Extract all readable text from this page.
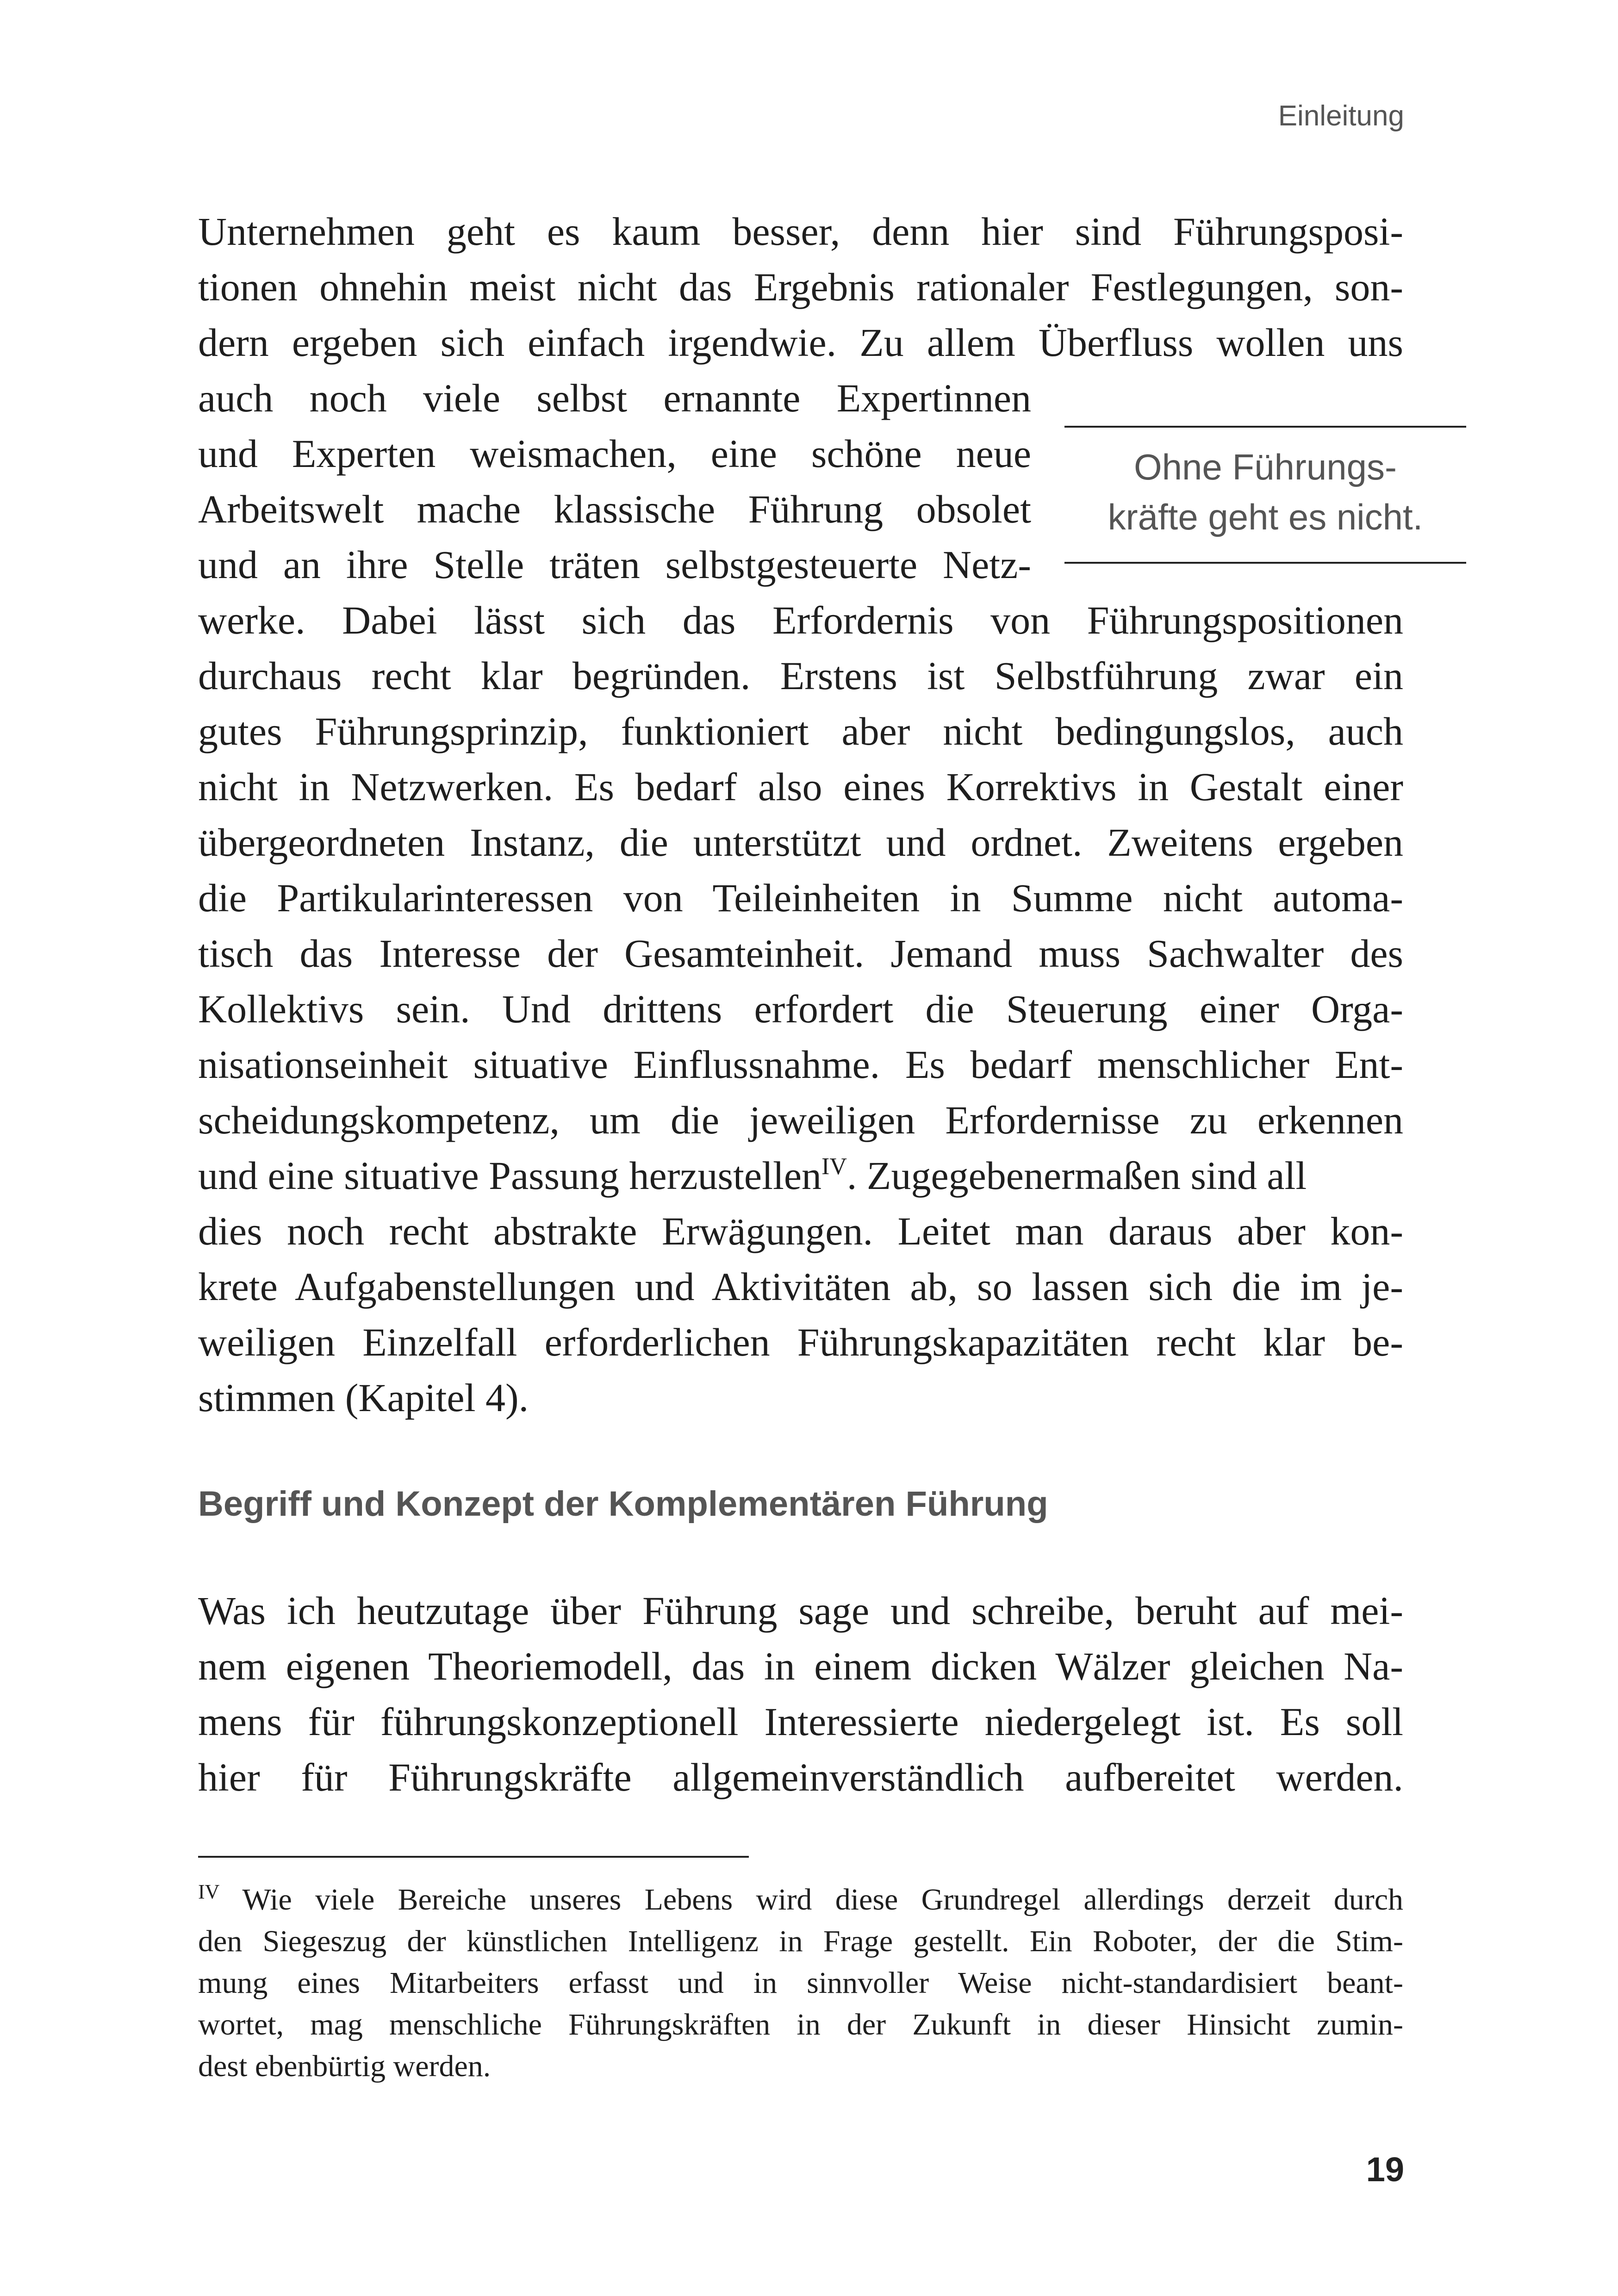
Einleitung
Unternehmen geht es kaum besser, denn hier sind Führungsposi-
tionen ohnehin meist nicht das Ergebnis rationaler Festlegungen, son-
dern ergeben sich einfach irgendwie. Zu allem Überfluss wollen uns
auch noch viele selbst ernannte Expertinnen
und Experten weismachen, eine schöne neue
Arbeitswelt mache klassische Führung obsolet
und an ihre Stelle träten selbstgesteuerte Netz-
werke. Dabei lässt sich das Erfordernis von Führungspositionen
durchaus recht klar begründen. Erstens ist Selbstführung zwar ein
gutes Führungsprinzip, funktioniert aber nicht bedingungslos, auch
nicht in Netzwerken. Es bedarf also eines Korrektivs in Gestalt einer
übergeordneten Instanz, die unterstützt und ordnet. Zweitens ergeben
die Partikularinteressen von Teileinheiten in Summe nicht automa-
tisch das Interesse der Gesamteinheit. Jemand muss Sachwalter des
Kollektivs sein. Und drittens erfordert die Steuerung einer Orga-
nisationseinheit situative Einflussnahme. Es bedarf menschlicher Ent-
scheidungskompetenz, um die jeweiligen Erfordernisse zu erkennen
und eine situative Passung herzustellen$^{IV}$. Zugegebenermaßen sind all
dies noch recht abstrakte Erwägungen. Leitet man daraus aber kon-
krete Aufgabenstellungen und Aktivitäten ab, so lassen sich die im je-
weiligen Einzelfall erforderlichen Führungskapazitäten recht klar be-
stimmen (Kapitel 4).
Ohne Führungs-
kräfte geht es nicht.
Begriff und Konzept der Komplementären Führung
Was ich heutzutage über Führung sage und schreibe, beruht auf mei-
nem eigenen Theoriemodell, das in einem dicken Wälzer gleichen Na-
mens für führungskonzeptionell Interessierte niedergelegt ist. Es soll
hier für Führungskräfte allgemeinverständlich aufbereitet werden.
$^{IV}$ Wie viele Bereiche unseres Lebens wird diese Grundregel allerdings derzeit durch
den Siegeszug der künstlichen Intelligenz in Frage gestellt. Ein Roboter, der die Stim-
mung eines Mitarbeiters erfasst und in sinnvoller Weise nicht-standardisiert beant-
wortet, mag menschliche Führungskräften in der Zukunft in dieser Hinsicht zumin-
dest ebenbürtig werden.
19
